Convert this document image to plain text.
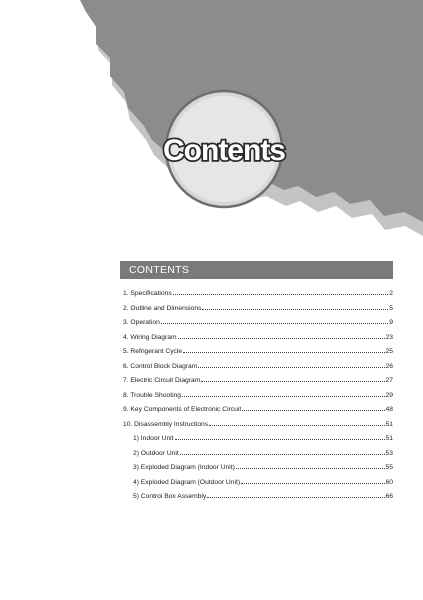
Contents
CONTENTS
1. Specifications	2
2. Outline and Dimensions	5
3. Operation	9
4. Wiring Diagram	23
5. Refrigerant Cycle	25
6. Control Block Diagram	26
7. Electric Circuit Diagram	27
8. Trouble Shooting	29
9. Key Components of Electronic Circuit	48
10. Disassembly Instructions	51
1) Indoor Unit	51
2) Outdoor Unit	53
3) Exploded Diagram (Indoor Unit)	55
4) Exploded Diagram (Outdoor Unit)	60
5) Control Box Assembly	66
